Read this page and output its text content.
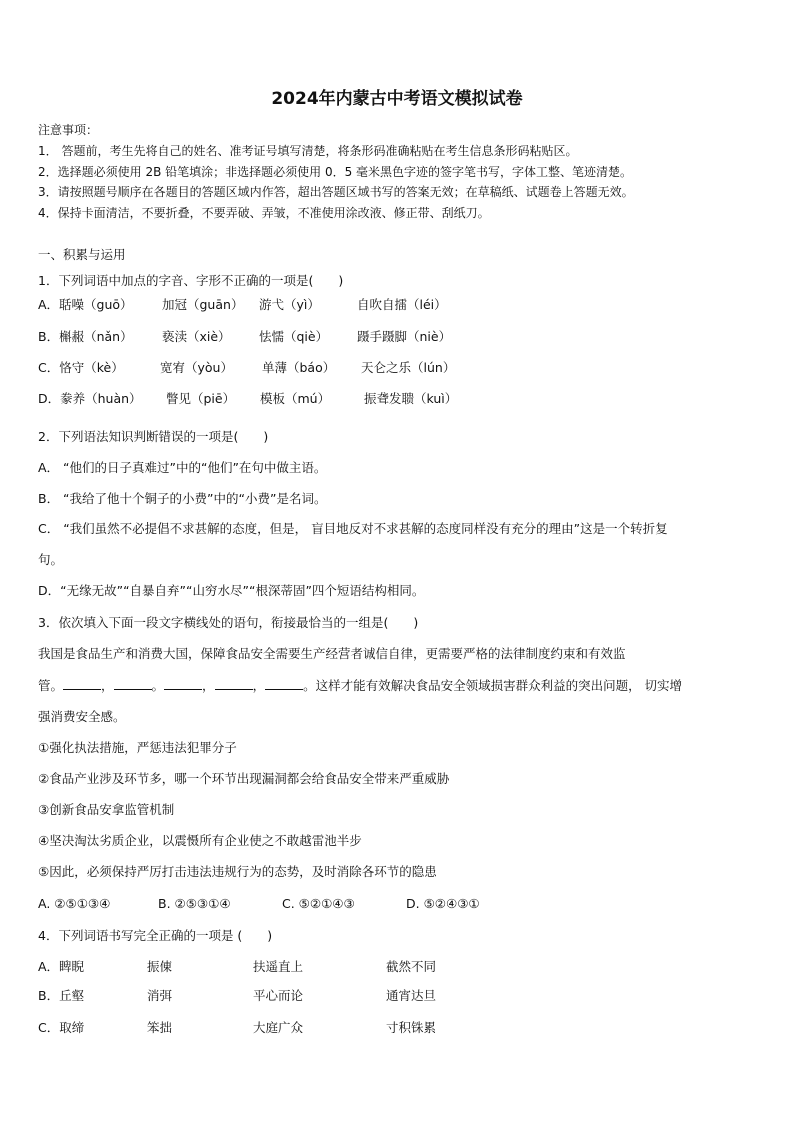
2024年内蒙古中考语文模拟试卷
注意事项：
1． 答题前，考生先将自己的姓名、准考证号填写清楚，将条形码准确粘贴在考生信息条形码粘贴区。
2．选择题必须使用 2B 铅笔填涂；非选择题必须使用 0．5 毫米黑色字迹的签字笔书写，字体工整、笔迹清楚。
3．请按照题号顺序在各题目的答题区域内作答，超出答题区域书写的答案无效；在草稿纸、试题卷上答题无效。
4．保持卡面清洁，不要折叠，不要弄破、弄皱，不准使用涂改液、修正带、刮纸刀。
一、积累与运用
1．下列词语中加点的字音、字形不正确的一项是(　　)
A．聒噪（guō） 加冠（guān） 游弋（yì）	自吹自擂（léi）
B．槲赧（nǎn） 亵渎（xiè） 怯懦（qiè） 蹑手蹑脚（niè）
C．恪守（kè）	宽宥（yòu） 单薄（báo） 天仑之乐（lún）
D．豢养（huàn） 瞥见（piē） 模板（mú）	振聋发聩（kuì）
2．下列语法知识判断错误的一项是(　　)
A． “他们的日子真难过”中的“他们”在句中做主语。
B． “我给了他十个铜子的小费”中的“小费”是名词。
C． “我们虽然不必提倡不求甚解的态度，但是， 盲目地反对不求甚解的态度同样没有充分的理由”这是一个转折复
句。
D．“无缘无故”“自暴自弃”“山穷水尽”“根深蒂固”四个短语结构相同。
3．依次填入下面一段文字横线处的语句，衔接最恰当的一组是(　　)
我国是食品生产和消费大国，保障食品安全需要生产经营者诚信自律，更需要严格的法律制度约束和有效监
管。	，	。	，	，	。这样才能有效解决食品安全领域损害群众利益的突出问题， 切实增
强消费安全感。
①强化执法措施，严惩违法犯罪分子
②食品产业涉及环节多，哪一个环节出现漏洞都会给食品安全带来严重威胁
③创新食品安拿监管机制
④坚决淘汰劣质企业，以震慑所有企业使之不敢越雷池半步
⑤因此，必须保持严厉打击违法违规行为的态势，及时消除各环节的隐患
A. ②⑤①③④	B. ②⑤③①④	C. ⑤②①④③	D. ⑤②④③①
4．下列词语书写完全正确的一项是 (　　)
A．睥睨	振倲	扶遥直上	截然不同
B．丘壑	消弭	平心而论	通宵达旦
C．取缔	笨拙	大庭广众	寸积铢累
